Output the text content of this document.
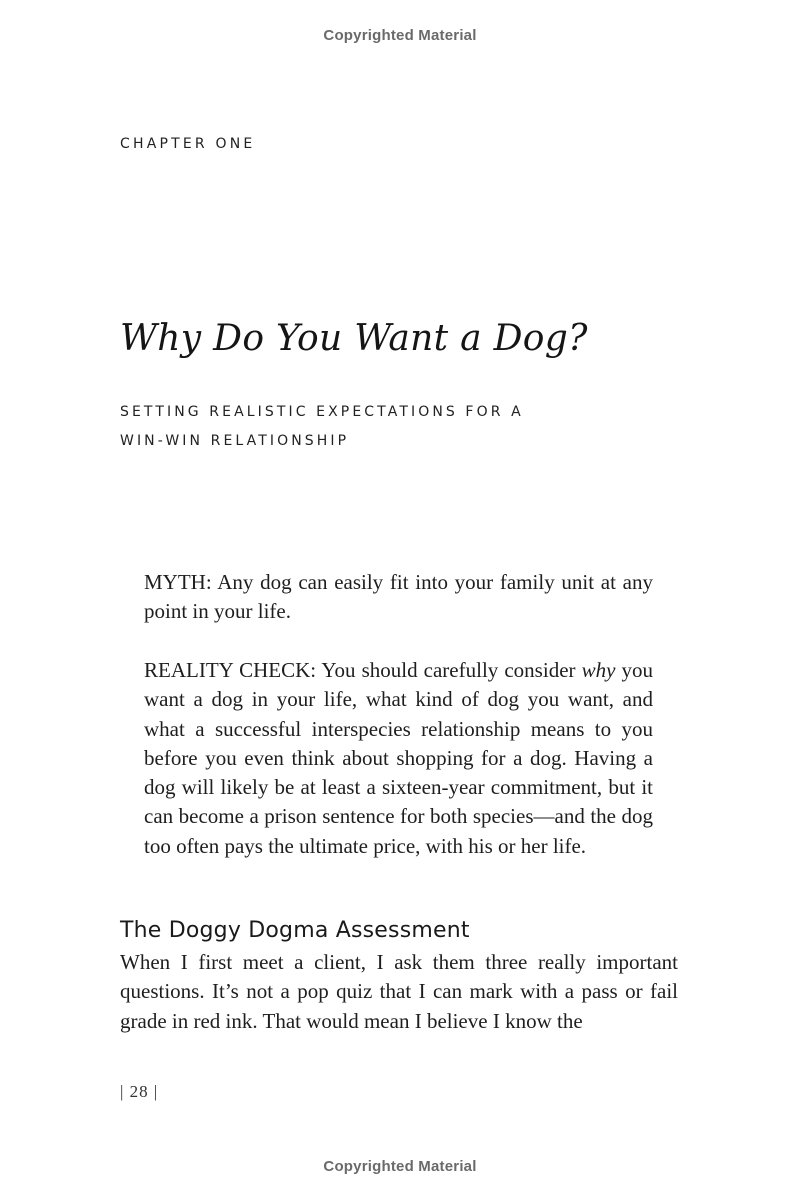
Copyrighted Material
CHAPTER ONE
Why Do You Want a Dog?
SETTING REALISTIC EXPECTATIONS FOR A
WIN-WIN RELATIONSHIP
MYTH: Any dog can easily fit into your family unit at any point in your life.
REALITY CHECK: You should carefully consider why you want a dog in your life, what kind of dog you want, and what a successful interspecies relationship means to you before you even think about shopping for a dog. Having a dog will likely be at least a sixteen-year commitment, but it can become a prison sentence for both species—and the dog too often pays the ultimate price, with his or her life.
The Doggy Dogma Assessment
When I first meet a client, I ask them three really important questions. It’s not a pop quiz that I can mark with a pass or fail grade in red ink. That would mean I believe I know the
| 28 |
Copyrighted Material
